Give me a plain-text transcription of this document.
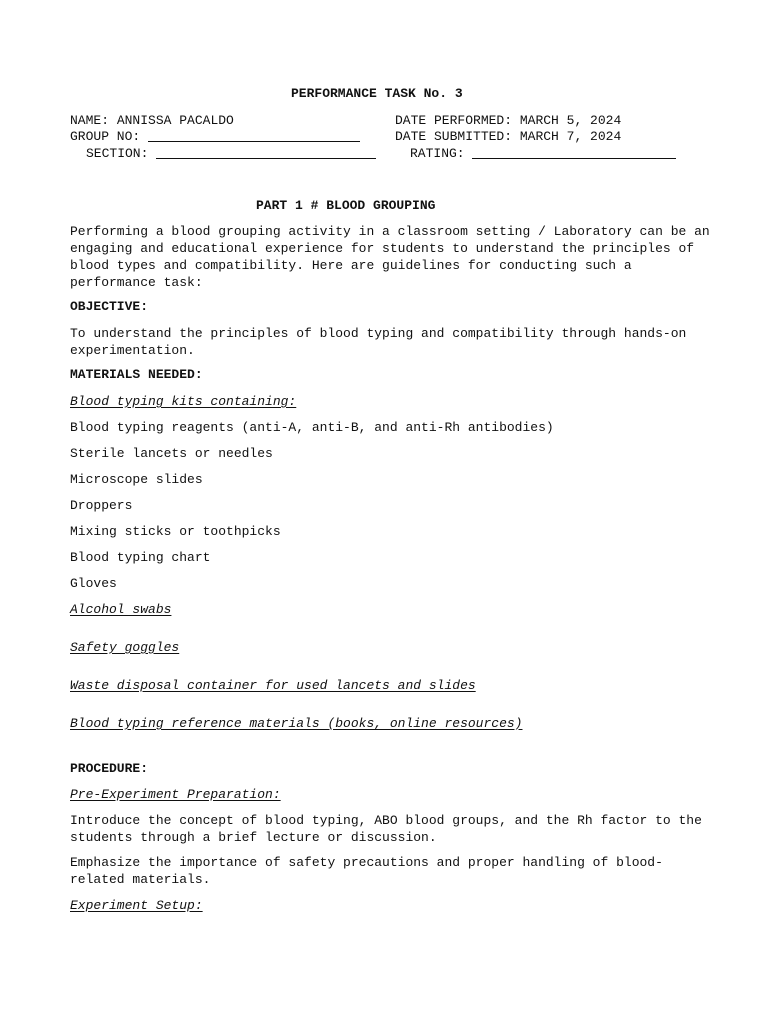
PERFORMANCE TASK No. 3
NAME: ANNISSA PACALDO
GROUP NO:
SECTION:
DATE PERFORMED: MARCH 5, 2024
DATE SUBMITTED: MARCH 7, 2024
RATING:
PART 1 # BLOOD GROUPING
Performing a blood grouping activity in a classroom setting / Laboratory can be an engaging and educational experience for students to understand the principles of blood types and compatibility. Here are guidelines for conducting such a performance task:
OBJECTIVE:
To understand the principles of blood typing and compatibility through hands-on experimentation.
MATERIALS NEEDED:
Blood typing kits containing:
Blood typing reagents (anti-A, anti-B, and anti-Rh antibodies)
Sterile lancets or needles
Microscope slides
Droppers
Mixing sticks or toothpicks
Blood typing chart
Gloves
Alcohol swabs
Safety goggles
Waste disposal container for used lancets and slides
Blood typing reference materials (books, online resources)
PROCEDURE:
Pre-Experiment Preparation:
Introduce the concept of blood typing, ABO blood groups, and the Rh factor to the students through a brief lecture or discussion.
Emphasize the importance of safety precautions and proper handling of blood-related materials.
Experiment Setup:
